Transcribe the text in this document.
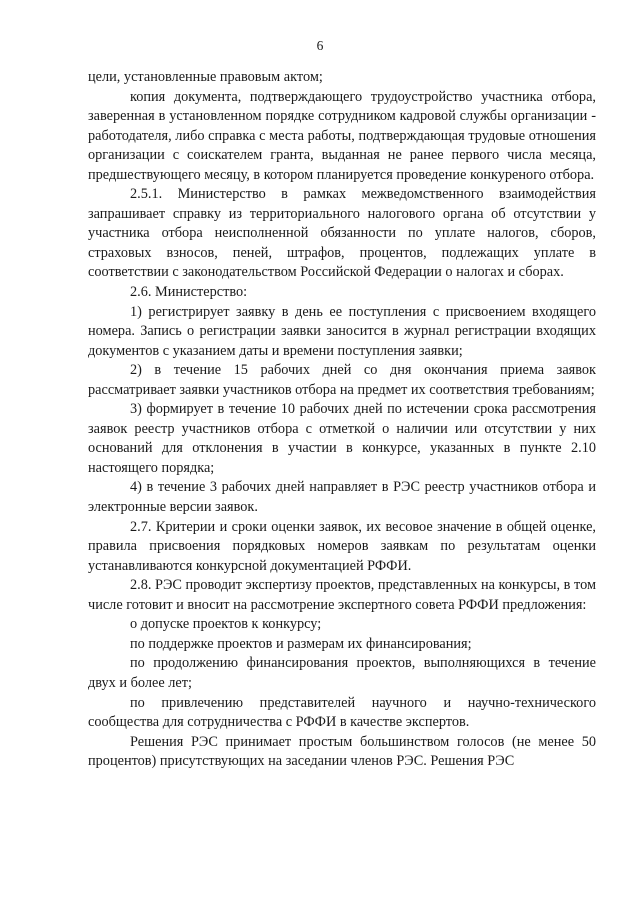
6

цели, установленные правовым актом;

копия документа, подтверждающего трудоустройство участника отбора, заверенная в установленном порядке сотрудником кадровой службы организации - работодателя, либо справка с места работы, подтверждающая трудовые отношения организации с соискателем гранта, выданная не ранее первого числа месяца, предшествующего месяцу, в котором планируется проведение конкуреного отбора.

2.5.1. Министерство в рамках межведомственного взаимодействия запрашивает справку из территориального налогового органа об отсутствии у участника отбора неисполненной обязанности по уплате налогов, сборов, страховых взносов, пеней, штрафов, процентов, подлежащих уплате в соответствии с законодательством Российской Федерации о налогах и сборах.

2.6. Министерство:

1) регистрирует заявку в день ее поступления с присвоением входящего номера. Запись о регистрации заявки заносится в журнал регистрации входящих документов с указанием даты и времени поступления заявки;

2) в течение 15 рабочих дней со дня окончания приема заявок рассматривает заявки участников отбора на предмет их соответствия требованиям;

3) формирует в течение 10 рабочих дней по истечении срока рассмотрения заявок реестр участников отбора с отметкой о наличии или отсутствии у них оснований для отклонения в участии в конкурсе, указанных в пункте 2.10 настоящего порядка;

4) в течение 3 рабочих дней направляет в РЭС реестр участников отбора и электронные версии заявок.

2.7. Критерии и сроки оценки заявок, их весовое значение в общей оценке, правила присвоения порядковых номеров заявкам по результатам оценки устанавливаются конкурсной документацией РФФИ.

2.8. РЭС проводит экспертизу проектов, представленных на конкурсы, в том числе готовит и вносит на рассмотрение экспертного совета РФФИ предложения:

о допуске проектов к конкурсу;

по поддержке проектов и размерам их финансирования;

по продолжению финансирования проектов, выполняющихся в течение двух и более лет;

по привлечению представителей научного и научно-технического сообщества для сотрудничества с РФФИ в качестве экспертов.

Решения РЭС принимает простым большинством голосов (не менее 50 процентов) присутствующих на заседании членов РЭС. Решения РЭС
